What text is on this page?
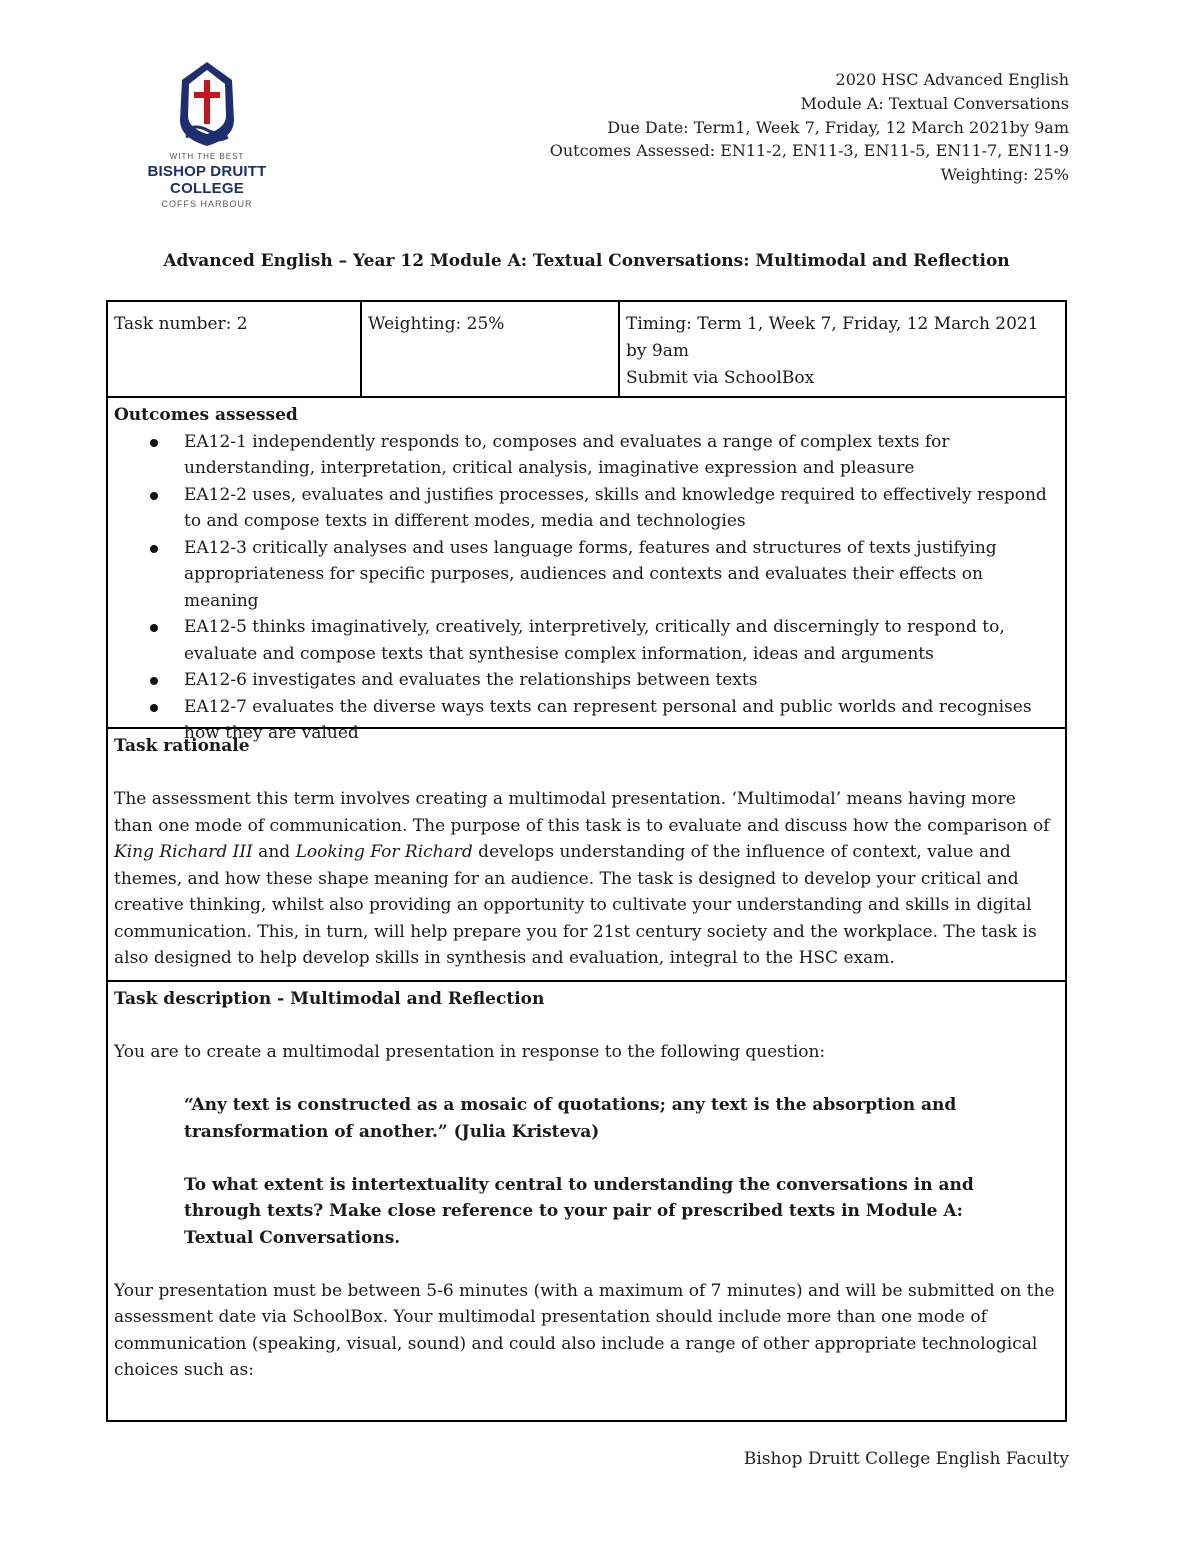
WITH THE BEST
BISHOP DRUITT COLLEGE
COFFS HARBOUR
2020 HSC Advanced English
Module A: Textual Conversations
Due Date: Term1, Week 7, Friday, 12 March 2021by 9am
Outcomes Assessed: EN11-2, EN11-3, EN11-5, EN11-7, EN11-9
Weighting: 25%
Advanced English – Year 12 Module A: Textual Conversations: Multimodal and Reflection
Task number: 2	Weighting: 25%	Timing: Term 1, Week 7, Friday, 12 March 2021
by 9am
Submit via SchoolBox
Outcomes assessed
EA12-1 independently responds to, composes and evaluates a range of complex texts for understanding, interpretation, critical analysis, imaginative expression and pleasure
EA12-2 uses, evaluates and justifies processes, skills and knowledge required to effectively respond to and compose texts in different modes, media and technologies
EA12-3 critically analyses and uses language forms, features and structures of texts justifying appropriateness for specific purposes, audiences and contexts and evaluates their effects on meaning
EA12-5 thinks imaginatively, creatively, interpretively, critically and discerningly to respond to, evaluate and compose texts that synthesise complex information, ideas and arguments
EA12-6 investigates and evaluates the relationships between texts
EA12-7 evaluates the diverse ways texts can represent personal and public worlds and recognises how they are valued
Task rationale

The assessment this term involves creating a multimodal presentation. ‘Multimodal’ means having more than one mode of communication. The purpose of this task is to evaluate and discuss how the comparison of King Richard III and Looking For Richard develops understanding of the influence of context, value and themes, and how these shape meaning for an audience. The task is designed to develop your critical and creative thinking, whilst also providing an opportunity to cultivate your understanding and skills in digital communication. This, in turn, will help prepare you for 21st century society and the workplace. The task is also designed to help develop skills in synthesis and evaluation, integral to the HSC exam.

Task description - Multimodal and Reflection

You are to create a multimodal presentation in response to the following question:

“Any text is constructed as a mosaic of quotations; any text is the absorption and transformation of another.” (Julia Kristeva)

To what extent is intertextuality central to understanding the conversations in and through texts? Make close reference to your pair of prescribed texts in Module A: Textual Conversations.

Your presentation must be between 5-6 minutes (with a maximum of 7 minutes) and will be submitted on the assessment date via SchoolBox. Your multimodal presentation should include more than one mode of communication (speaking, visual, sound) and could also include a range of other appropriate technological choices such as:

Bishop Druitt College English Faculty
